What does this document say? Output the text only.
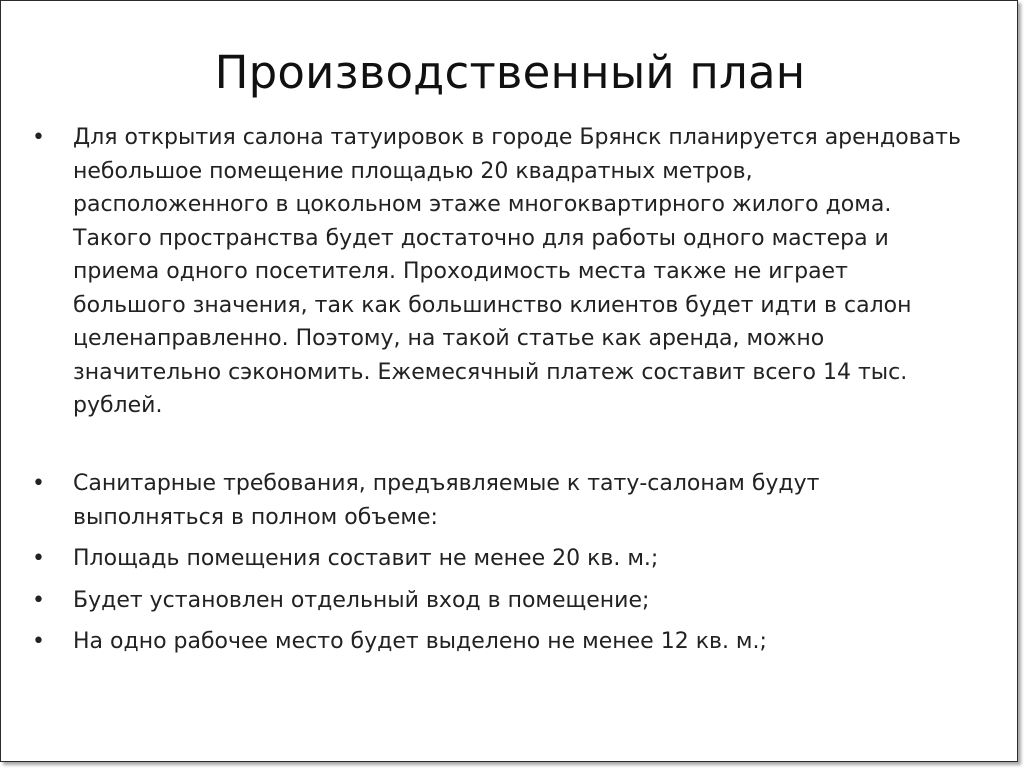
Производственный план
• Для открытия салона татуировок в городе Брянск планируется арендовать
небольшое помещение площадью 20 квадратных метров,
расположенного в цокольном этаже многоквартирного жилого дома.
Такого пространства будет достаточно для работы одного мастера и
приема одного посетителя. Проходимость места также не играет
большого значения, так как большинство клиентов будет идти в салон
целенаправленно. Поэтому, на такой статье как аренда, можно
значительно сэкономить. Ежемесячный платеж составит всего 14 тыс.
рублей.
• Санитарные требования, предъявляемые к тату-салонам будут
выполняться в полном объеме:
• Площадь помещения составит не менее 20 кв. м.;
• Будет установлен отдельный вход в помещение;
• На одно рабочее место будет выделено не менее 12 кв. м.;
